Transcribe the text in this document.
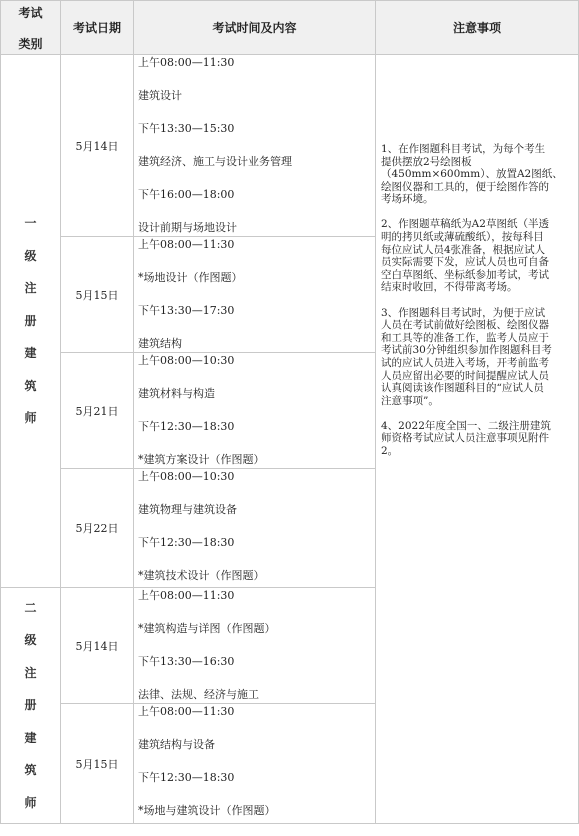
考试
类别
考试日期	考试时间及内容	注意事项
一
级
注
册
建
筑
师
二
级
注
册
建
筑
师
5月14日
上午08:00—11:30
建筑设计
下午13:30—15:30
建筑经济、施工与设计业务管理
下午16:00—18:00
设计前期与场地设计
5月15日
上午08:00—11:30
*场地设计（作图题）
下午13:30—17:30
建筑结构
5月21日
上午08:00—10:30
建筑材料与构造
下午12:30—18:30
*建筑方案设计（作图题）
5月22日
上午08:00—10:30
建筑物理与建筑设备
下午12:30—18:30
*建筑技术设计（作图题）
5月14日
上午08:00—11:30
*建筑构造与详图（作图题）
下午13:30—16:30
法律、法规、经济与施工
5月15日
上午08:00—11:30
建筑结构与设备
下午12:30—18:30
*场地与建筑设计（作图题）

1、在作图题科目考试，为每个考生
提供摆放2号绘图板
（450mm×600mm）、放置A2图纸、
绘图仪器和工具的，便于绘图作答的
考场环境。

2、作图题草稿纸为A2草图纸（半透
明的拷贝纸或薄硫酸纸），按每科目
每位应试人员4张准备，根据应试人
员实际需要下发，应试人员也可自备
空白草图纸、坐标纸参加考试，考试
结束时收回，不得带离考场。

3、作图题科目考试时，为便于应试
人员在考试前做好绘图板、绘图仪器
和工具等的准备工作，监考人员应于
考试前30分钟组织参加作图题科目考
试的应试人员进入考场，开考前监考
人员应留出必要的时间提醒应试人员
认真阅读该作图题科目的“应试人员
注意事项”。

4、2022年度全国一、二级注册建筑
师资格考试应试人员注意事项见附件
2。
